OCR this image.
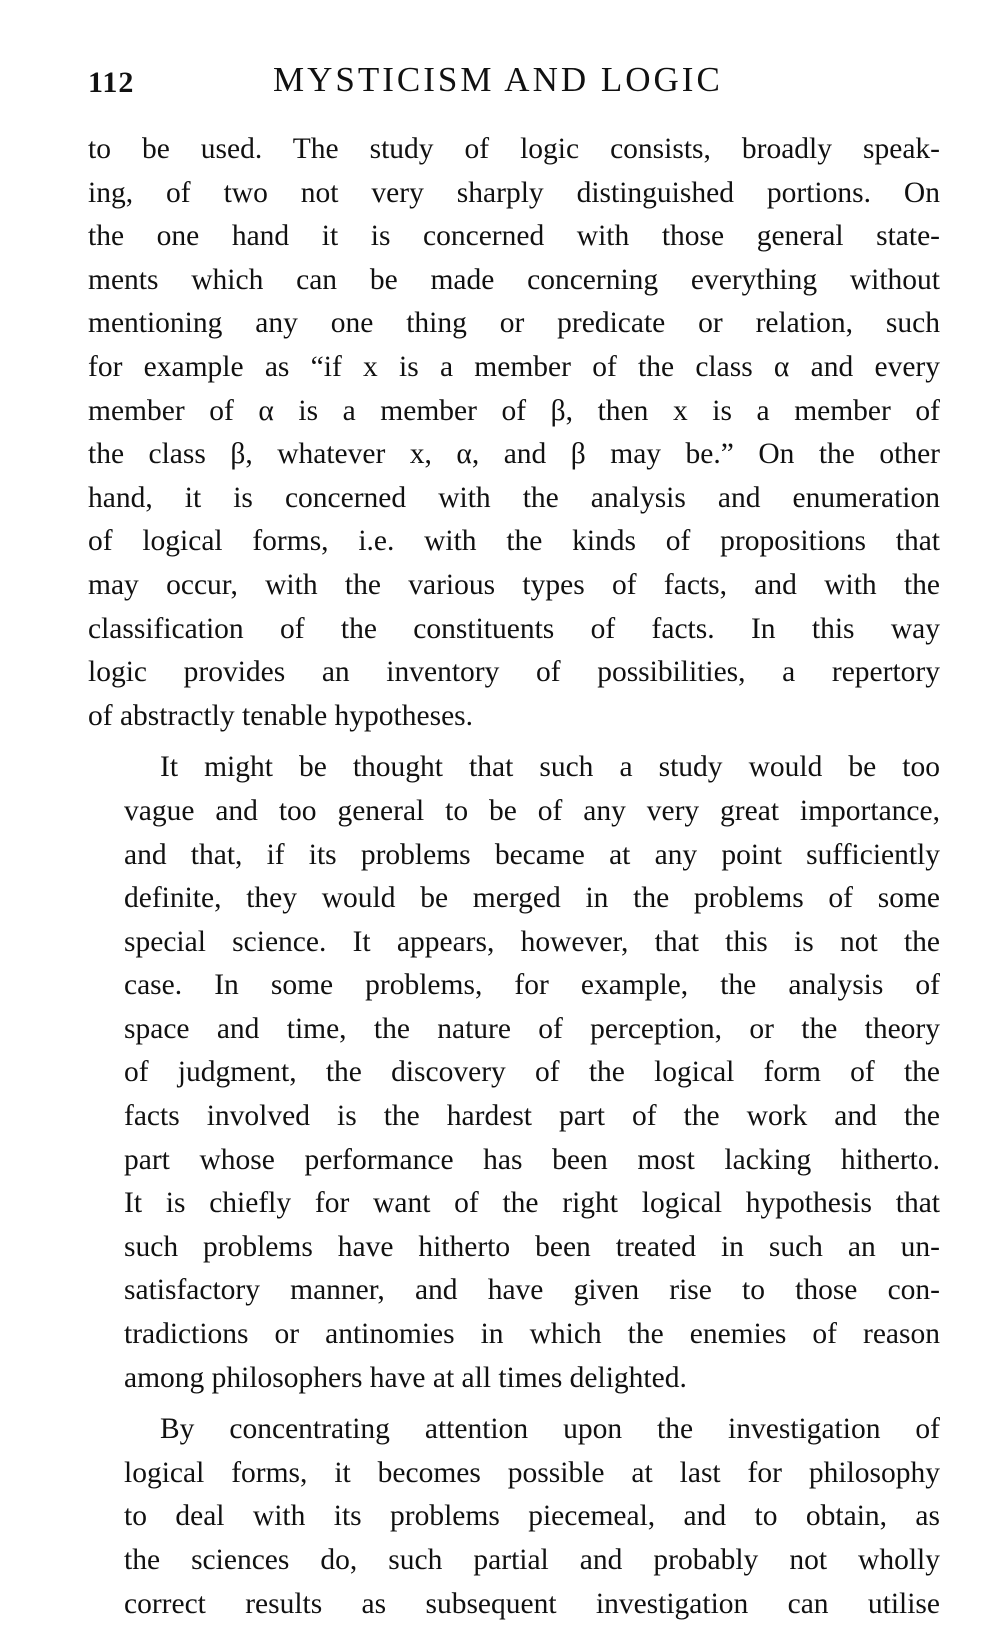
112	MYSTICISM AND LOGIC

to be used. The study of logic consists, broadly speak-
ing, of two not very sharply distinguished portions. On
the one hand it is concerned with those general state-
ments which can be made concerning everything without
mentioning any one thing or predicate or relation, such
for example as “if x is a member of the class α and every
member of α is a member of β, then x is a member of
the class β, whatever x, α, and β may be.” On the other
hand, it is concerned with the analysis and enumeration
of logical forms, i.e. with the kinds of propositions that
may occur, with the various types of facts, and with the
classification of the constituents of facts. In this way
logic provides an inventory of possibilities, a repertory
of abstractly tenable hypotheses.

It might be thought that such a study would be too
vague and too general to be of any very great importance,
and that, if its problems became at any point sufficiently
definite, they would be merged in the problems of some
special science. It appears, however, that this is not the
case. In some problems, for example, the analysis of
space and time, the nature of perception, or the theory
of judgment, the discovery of the logical form of the
facts involved is the hardest part of the work and the
part whose performance has been most lacking hitherto.
It is chiefly for want of the right logical hypothesis that
such problems have hitherto been treated in such an un-
satisfactory manner, and have given rise to those con-
tradictions or antinomies in which the enemies of reason
among philosophers have at all times delighted.

By concentrating attention upon the investigation of
logical forms, it becomes possible at last for philosophy
to deal with its problems piecemeal, and to obtain, as
the sciences do, such partial and probably not wholly
correct results as subsequent investigation can utilise
